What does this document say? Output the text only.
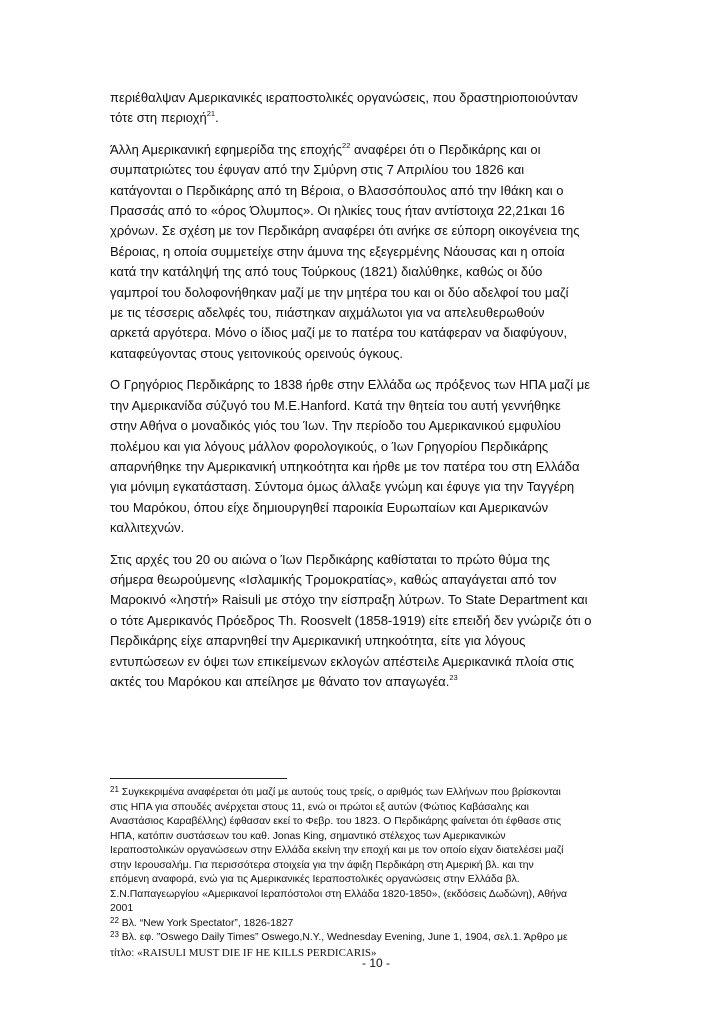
περιέθαλψαν Αμερικανικές ιεραποστολικές οργανώσεις, που δραστηριοποιούνταν
τότε στη περιοχή$^{21}$.

Άλλη Αμερικανική εφημερίδα της εποχής$^{22}$ αναφέρει ότι ο Περδικάρης και οι
συμπατριώτες του έφυγαν από την Σμύρνη στις 7 Απριλίου του 1826 και
κατάγονται ο Περδικάρης από τη Βέροια, ο Βλασσόπουλος από την Ιθάκη και ο
Πρασσάς από το «όρος Όλυμπος». Οι ηλικίες τους ήταν αντίστοιχα 22,21και 16
χρόνων. Σε σχέση με τον Περδικάρη αναφέρει ότι ανήκε σε εύπορη οικογένεια της
Βέροιας, η οποία συμμετείχε στην άμυνα της εξεγερμένης Νάουσας και η οποία
κατά την κατάληψή της από τους Τούρκους (1821) διαλύθηκε, καθώς οι δύο
γαμπροί του δολοφονήθηκαν μαζί με την μητέρα του και οι δύο αδελφοί του μαζί
με τις τέσσερις αδελφές του, πιάστηκαν αιχμάλωτοι για να απελευθερωθούν
αρκετά αργότερα. Μόνο ο ίδιος μαζί με το πατέρα του κατάφεραν να διαφύγουν,
καταφεύγοντας στους γειτονικούς ορεινούς όγκους.

Ο Γρηγόριος Περδικάρης το 1838 ήρθε στην Ελλάδα ως πρόξενος των ΗΠΑ μαζί με
την Αμερικανίδα σύζυγό του M.E.Hanford. Κατά την θητεία του αυτή γεννήθηκε
στην Αθήνα ο μοναδικός γιός του Ίων. Την περίοδο του Αμερικανικού εμφυλίου
πολέμου και για λόγους μάλλον φορολογικούς, ο Ίων Γρηγορίου Περδικάρης
απαρνήθηκε την Αμερικανική υπηκοότητα και ήρθε με τον πατέρα του στη Ελλάδα
για μόνιμη εγκατάσταση. Σύντομα όμως άλλαξε γνώμη και έφυγε για την Ταγγέρη
του Μαρόκου, όπου είχε δημιουργηθεί παροικία Ευρωπαίων και Αμερικανών
καλλιτεχνών.

Στις αρχές του 20 ου αιώνα ο Ίων Περδικάρης καθίσταται το πρώτο θύμα της
σήμερα θεωρούμενης «Ισλαμικής Τρομοκρατίας», καθώς απαγάγεται από τον
Μαροκινό «ληστή» Raisuli με στόχο την είσπραξη λύτρων. Το State Department και
ο τότε Αμερικανός Πρόεδρος Th. Roosvelt (1858-1919) είτε επειδή δεν γνώριζε ότι ο
Περδικάρης είχε απαρνηθεί την Αμερικανική υπηκοότητα, είτε για λόγους
εντυπώσεων εν όψει των επικείμενων εκλογών απέστειλε Αμερικανικά πλοία στις
ακτές του Μαρόκου και απείλησε με θάνατο τον απαγωγέα.$^{23}$

$^{21}$ Συγκεκριμένα αναφέρεται ότι μαζί με αυτούς τους τρείς, ο αριθμός των Ελλήνων που βρίσκονται
στις ΗΠΑ για σπουδές ανέρχεται στους 11, ενώ οι πρώτοι εξ αυτών (Φώτιος Καβάσαλης και
Αναστάσιος Καραβέλλης) έφθασαν εκεί το Φεβρ. του 1823. Ο Περδικάρης φαίνεται ότι έφθασε στις
ΗΠΑ, κατόπιν συστάσεων του καθ. Jonas King, σημαντικό στέλεχος των Αμερικανικών
Ιεραποστολικών οργανώσεων στην Ελλάδα εκείνη την εποχή και με τον οποίο είχαν διατελέσει μαζί
στην Ιερουσαλήμ. Για περισσότερα στοιχεία για την άφιξη Περδικάρη στη Αμερική βλ. και την
επόμενη αναφορά, ενώ για τις Αμερικανικές Ιεραποστολικές οργανώσεις στην Ελλάδα βλ.
Σ.Ν.Παπαγεωργίου «Αμερικανοί Ιεραπόστολοι στη Ελλάδα 1820-1850», (εκδόσεις Δωδώνη), Αθήνα
2001

$^{22}$ Βλ. “New York Spectator”, 1826-1827

$^{23}$ Βλ. εφ. ”Oswego Daily Times” Oswego,N.Y., Wednesday Evening, June 1, 1904, σελ.1. Άρθρο με
τίτλο: «RAISULI MUST DIE IF HE KILLS PERDICARIS»

- 10 -
